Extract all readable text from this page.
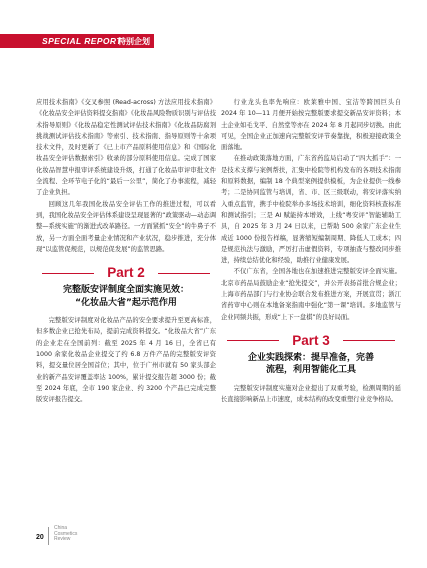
SPECIAL REPORT
特别企划

应用技术指南》《交叉参照 (Read-across) 方法应用技术指南》《化妆品安全评估资料提交指南》《化妆品风险物质识别与评估技术指导原则》《化妆品稳定性测试评估技术指南》《化妆品防腐剂挑战测试评估技术指南》等索引、技术指南、指导原则等十余项技术文件，及时更新了《已上市产品原料使用信息》和《国际化妆品安全评估数据索引》收录的部分原料使用信息。完成了国家化妆品智慧申报审评系统建设升级，打通了化妆品审评审批文件全流程、全环节电子化的“最后一公里”，简化了办事流程，减轻了企业负担。

回顾这几年我国化妆品安全评估工作的推进过程，可以看到，我国化妆品安全评估体系建设呈现显著的“政策驱动—动态调整—系统实施”的渐进式改革路径。一方面紧抓“安全”的牛鼻子不放，另一方面全面考量企业情况和产业状况，稳步推进，充分体现“以监管促规范，以规范促发展”的监管思路。

Part 2
完整版安评制度全面实施见效：
“化妆品大省”起示范作用

完整版安评制度对化妆品产品的安全要求提升至更高标准，但多数企业已抢先布局，提前完成资料提交。“化妆品大省”广东的企业走在全国前列：截至 2025 年 4 月 16 日，全省已有 1000 余家化妆品企业提交了约 6.8 万件产品的完整版安评资料，提交量位居全国首位；其中，位于广州市就有 50 家头部企业的新产品安评覆盖率达 100%，累计提交报告超 3000 份；截至 2024 年底，全市 190 家企业、约 3200 个产品已完成完整版安评报告提交。

行业龙头也率先响应：欧莱雅中国、宝洁等跨国巨头自 2024 年 10—11 月便开始按完整版要求提交新品安评资料；本土企业如毛戈平、自然堂等亦在 2024 年 8 月起同步切换。由此可见，全国企业正加速向完整版安评节奏靠拢，积极迎接政策全面落地。

在推动政策落地方面，广东省药监局启动了“四大抓手”：一是技术支撑与案例帮扶，汇集中检院等机构发布的各项技术指南和原料数据，编制 18 个典型案例提供模板，为企业提供一线参考；二是协同监管与培训，省、市、区三级联动，将安评落实纳入重点监管，携手中检院举办多场技术培训，细化资料核查标准和测试指引；三是 AI 赋能持本增效，上线“粤安评”智能辅助工具，自 2025 年 3 月 24 日以来，已帮助 500 余家广东企业生成近 1000 份报告样稿，显著缩短编制周期、降低人工成本；四是规范执法与激励，严厉打击虚假资料，专项抽查与整改同步推进，持续总结优化和经验，助推行业健康发展。

不仅广东省，全国各地也在加速推进完整版安评全面实施。北京市药品局鼓励企业“抢先提交”，并公开表扬首批合规企业；上海市药品部门与行业协会联合发布推进方案，开展宣贯；浙江省药审中心则在本地备案指南中强化“第一课”培训。多地监管与企业同频共振，形成“上下一盘棋”的良好局面。

Part 3
企业实践探索：提早准备，完善
流程，利用智能化工具

完整版安评制度实施对企业提出了双重考验，检测周期的延长直接影响新品上市速度，成本结构的改变重塑行业竞争格局。

20
China
Cosmetics
Review
